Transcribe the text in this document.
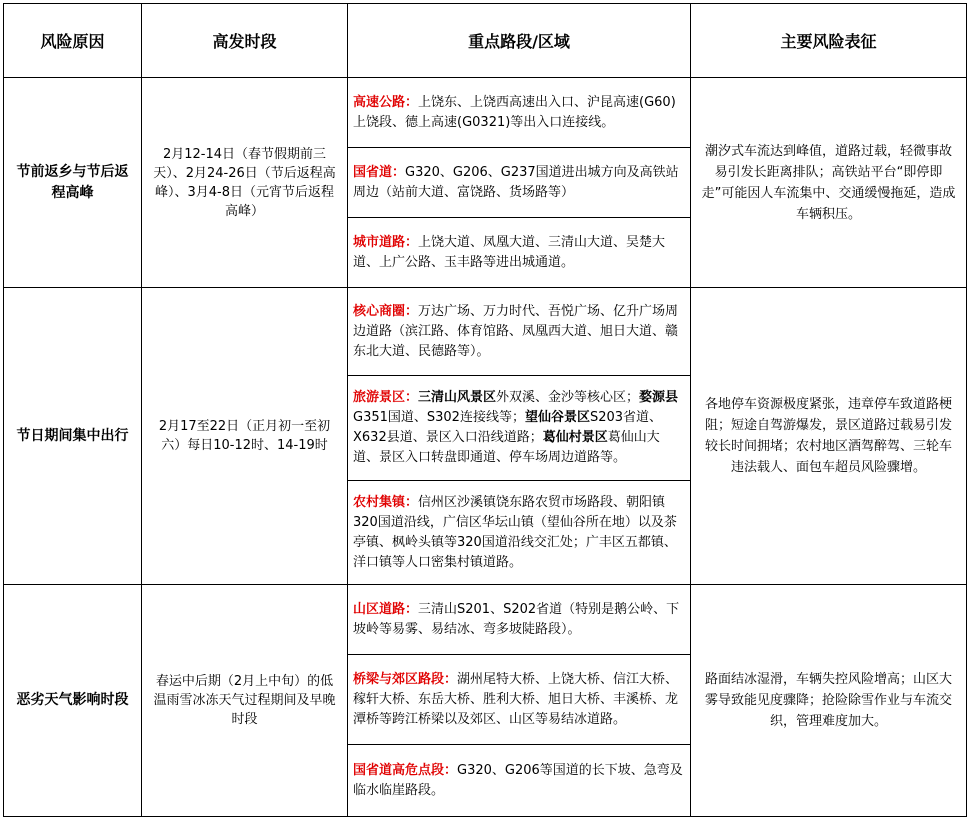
风险原因	高发时段	重点路段/区域	主要风险表征
节前返乡与节后返程高峰	2月12-14日（春节假期前三天）、2月24-26日（节后返程高峰）、3月4-8日（元宵节后返程高峰）	高速公路：上饶东、上饶西高速出入口、沪昆高速(G60)上饶段、德上高速(G0321)等出入口连接线。	潮汐式车流达到峰值，道路过载，轻微事故易引发长距离排队；高铁站平台“即停即走”可能因人车流集中、交通缓慢拖延，造成车辆积压。
		国省道：G320、G206、G237国道进出城方向及高铁站周边（站前大道、富饶路、货场路等）	
		城市道路：上饶大道、凤凰大道、三清山大道、吴楚大道、上广公路、玉丰路等进出城通道。	
节日期间集中出行	2月17至22日（正月初一至初六）每日10-12时、14-19时	核心商圈：万达广场、万力时代、吾悦广场、亿升广场周边道路（滨江路、体育馆路、凤凰西大道、旭日大道、赣东北大道、民德路等）。	各地停车资源极度紧张，违章停车致道路梗阻；短途自驾游爆发，景区道路过载易引发较长时间拥堵；农村地区酒驾醉驾、三轮车违法载人、面包车超员风险骤增。
		旅游景区：三清山风景区外双溪、金沙等核心区；婺源县G351国道、S302连接线等；望仙谷景区S203省道、X632县道、景区入口沿线道路；葛仙村景区葛仙山大道、景区入口转盘即通道、停车场周边道路等。	
		农村集镇：信州区沙溪镇饶东路农贸市场路段、朝阳镇320国道沿线，广信区华坛山镇（望仙谷所在地）以及茶亭镇、枫岭头镇等320国道沿线交汇处；广丰区五都镇、洋口镇等人口密集村镇道路。	
恶劣天气影响时段	春运中后期（2月上中旬）的低温雨雪冰冻天气过程期间及早晚时段	山区道路：三清山S201、S202省道（特别是鹅公岭、下坡岭等易雾、易结冰、弯多坡陡路段）。	路面结冰湿滑，车辆失控风险增高；山区大雾导致能见度骤降；抢险除雪作业与车流交织，管理难度加大。
		桥梁与郊区路段：湖州尾特大桥、上饶大桥、信江大桥、稼轩大桥、东岳大桥、胜利大桥、旭日大桥、丰溪桥、龙潭桥等跨江桥梁以及郊区、山区等易结冰道路。	
		国省道高危点段：G320、G206等国道的长下坡、急弯及临水临崖路段。	
